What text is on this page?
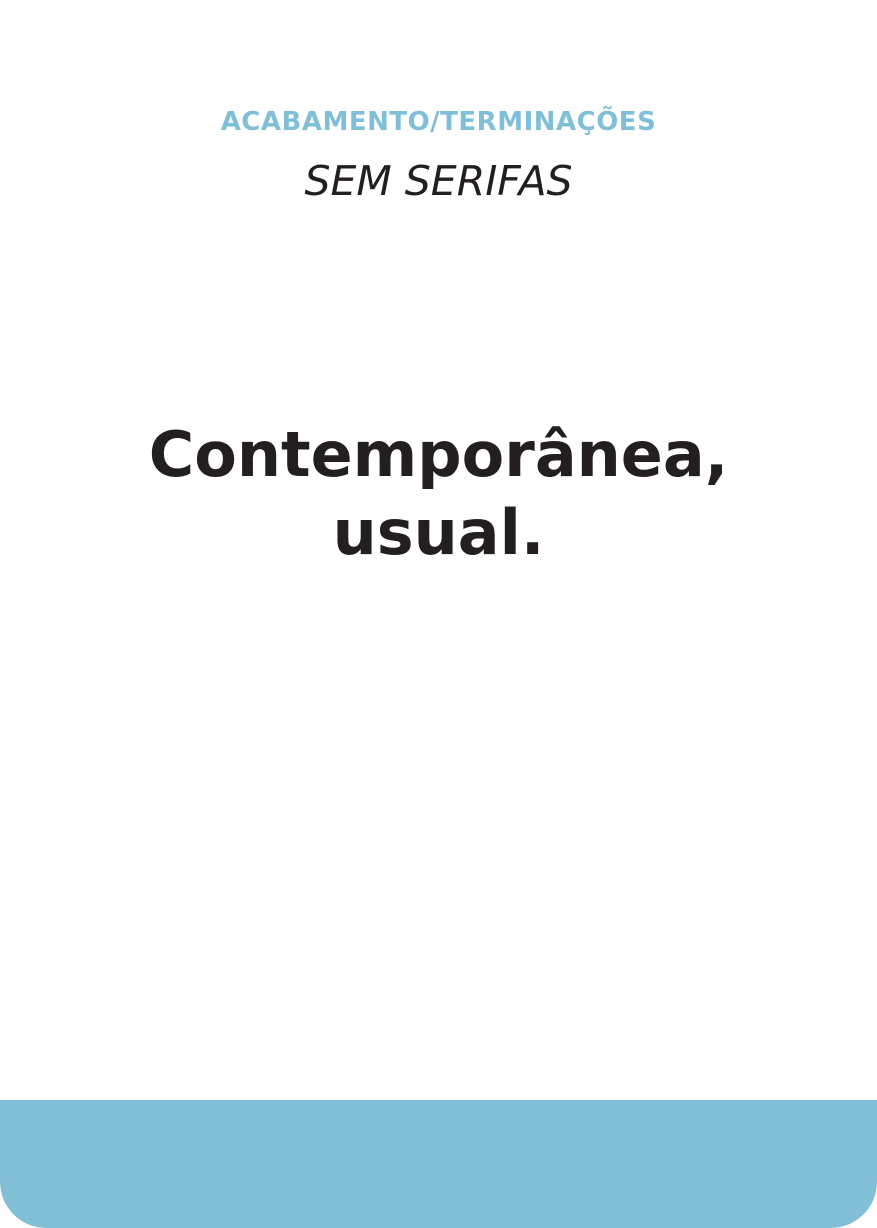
ACABAMENTO/TERMINAÇÕES
SEM SERIFAS
Contemporânea,
usual.
